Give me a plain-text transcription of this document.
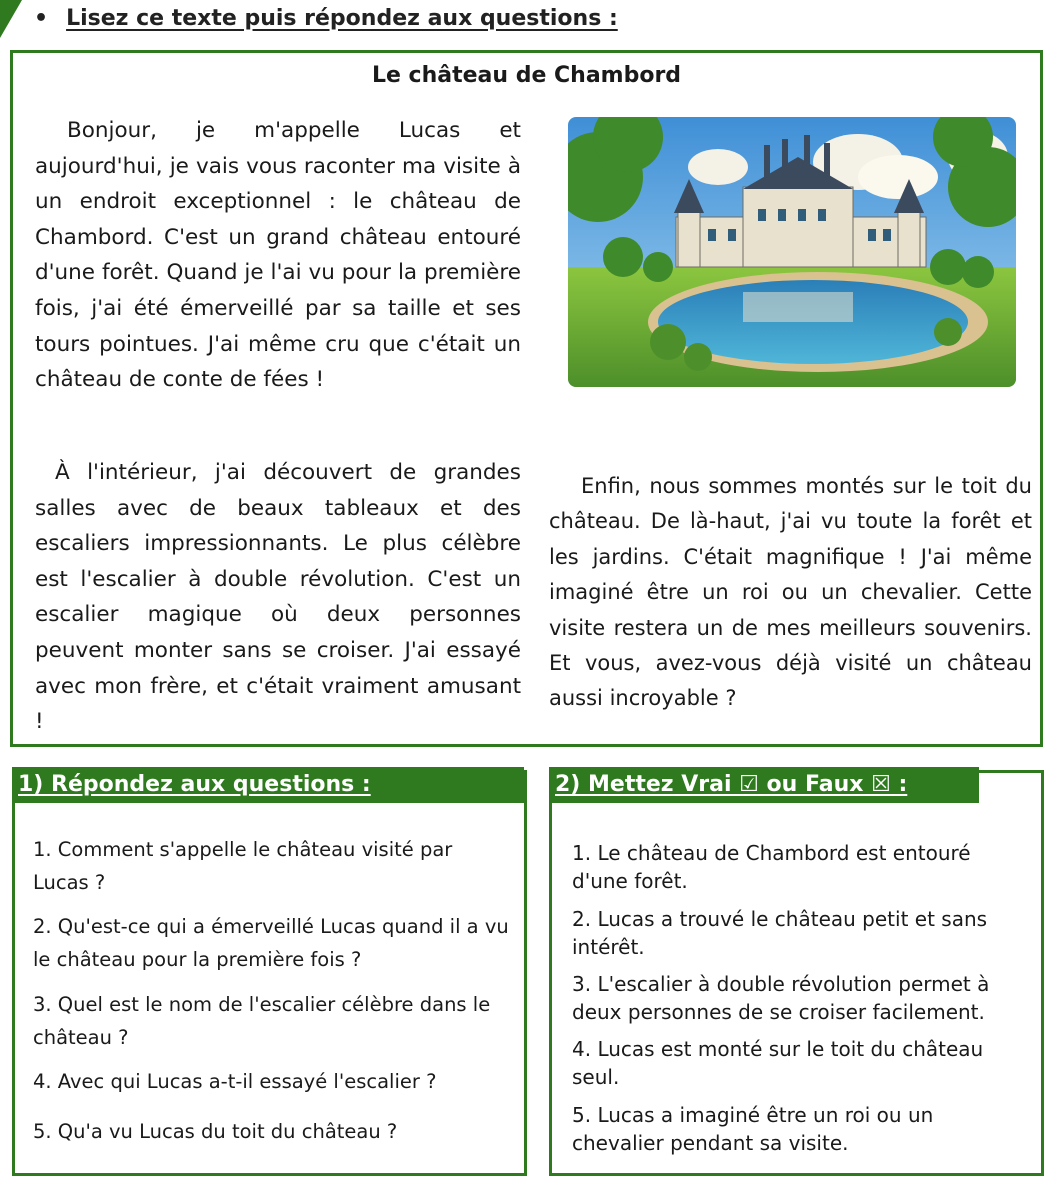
• Lisez ce texte puis répondez aux questions :
Le château de Chambord

Bonjour, je m'appelle Lucas et aujourd'hui, je vais vous raconter ma visite à un endroit exceptionnel : le château de Chambord. C'est un grand château entouré d'une forêt. Quand je l'ai vu pour la première fois, j'ai été émerveillé par sa taille et ses tours pointues. J'ai même cru que c'était un château de conte de fées !

À l'intérieur, j'ai découvert de grandes salles avec de beaux tableaux et des escaliers impressionnants. Le plus célèbre est l'escalier à double révolution. C'est un escalier magique où deux personnes peuvent monter sans se croiser. J'ai essayé avec mon frère, et c'était vraiment amusant !

Enfin, nous sommes montés sur le toit du château. De là-haut, j'ai vu toute la forêt et les jardins. C'était magnifique ! J'ai même imaginé être un roi ou un chevalier. Cette visite restera un de mes meilleurs souvenirs. Et vous, avez-vous déjà visité un château aussi incroyable ?

1) Répondez aux questions :

1. Comment s'appelle le château visité par Lucas ?

2. Qu'est-ce qui a émerveillé Lucas quand il a vu le château pour la première fois ?

3. Quel est le nom de l'escalier célèbre dans le château ?

4. Avec qui Lucas a-t-il essayé l'escalier ?

5. Qu'a vu Lucas du toit du château ?

2) Mettez Vrai ☑ ou Faux ☒ :

1. Le château de Chambord est entouré d'une forêt.

2. Lucas a trouvé le château petit et sans intérêt.

3. L'escalier à double révolution permet à deux personnes de se croiser facilement.

4. Lucas est monté sur le toit du château seul.

5. Lucas a imaginé être un roi ou un chevalier pendant sa visite.
